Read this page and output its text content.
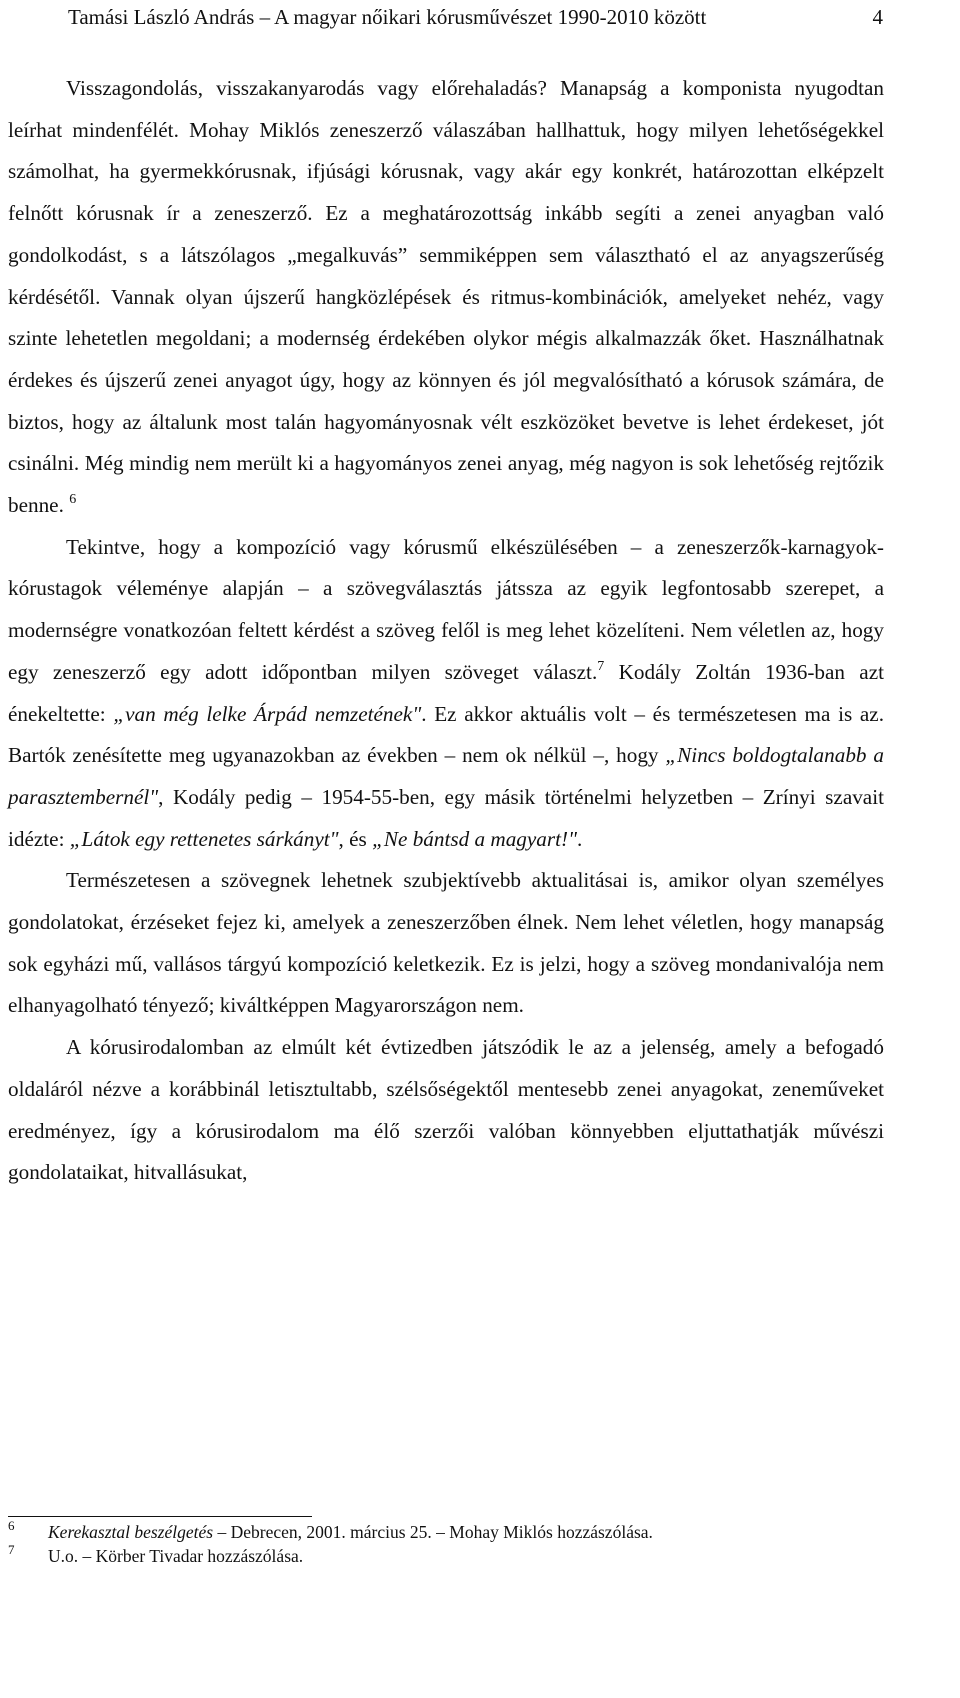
Tamási László András – A magyar nőikari kórusművészet 1990-2010 között	4

Visszagondolás, visszakanyarodás vagy előrehaladás? Manapság a komponista nyugodtan leírhat mindenfélét. Mohay Miklós zeneszerző válaszában hallhattuk, hogy milyen lehetőségekkel számolhat, ha gyermekkórusnak, ifjúsági kórusnak, vagy akár egy konkrét, határozottan elképzelt felnőtt kórusnak ír a zeneszerző. Ez a meghatározottság inkább segíti a zenei anyagban való gondolkodást, s a látszólagos „megalkuvás” semmiképpen sem választható el az anyagszerűség kérdésétől. Vannak olyan újszerű hangközlépések és ritmus-kombinációk, amelyeket nehéz, vagy szinte lehetetlen megoldani; a modernség érdekében olykor mégis alkalmazzák őket. Használhatnak érdekes és újszerű zenei anyagot úgy, hogy az könnyen és jól megvalósítható a kórusok számára, de biztos, hogy az általunk most talán hagyományosnak vélt eszközöket bevetve is lehet érdekeset, jót csinálni. Még mindig nem merült ki a hagyományos zenei anyag, még nagyon is sok lehetőség rejtőzik benne. $^6$

Tekintve, hogy a kompozíció vagy kórusmű elkészülésében – a zeneszerzők-karnagyok-kórustagok véleménye alapján – a szövegválasztás játssza az egyik legfontosabb szerepet, a modernségre vonatkozóan feltett kérdést a szöveg felől is meg lehet közelíteni. Nem véletlen az, hogy egy zeneszerző egy adott időpontban milyen szöveget választ.$^7$ Kodály Zoltán 1936-ban azt énekeltette: „van még lelke Árpád nemzetének". Ez akkor aktuális volt – és természetesen ma is az. Bartók zenésítette meg ugyanazokban az években – nem ok nélkül –, hogy „Nincs boldogtalanabb a parasztembernél", Kodály pedig – 1954-55-ben, egy másik történelmi helyzetben – Zrínyi szavait idézte: „Látok egy rettenetes sárkányt", és „Ne bántsd a magyart!".

Természetesen a szövegnek lehetnek szubjektívebb aktualitásai is, amikor olyan személyes gondolatokat, érzéseket fejez ki, amelyek a zeneszerzőben élnek. Nem lehet véletlen, hogy manapság sok egyházi mű, vallásos tárgyú kompozíció keletkezik. Ez is jelzi, hogy a szöveg mondanivalója nem elhanyagolható tényező; kiváltképpen Magyarországon nem.

A kórusirodalomban az elmúlt két évtizedben játszódik le az a jelenség, amely a befogadó oldaláról nézve a korábbinál letisztultabb, szélsőségektől mentesebb zenei anyagokat, zeneműveket eredményez, így a kórusirodalom ma élő szerzői valóban könnyebben eljuttathatják művészi gondolataikat, hitvallásukat,

6 Kerekasztal beszélgetés – Debrecen, 2001. március 25. – Mohay Miklós hozzászólása.
7 U.o. – Körber Tivadar hozzászólása.
